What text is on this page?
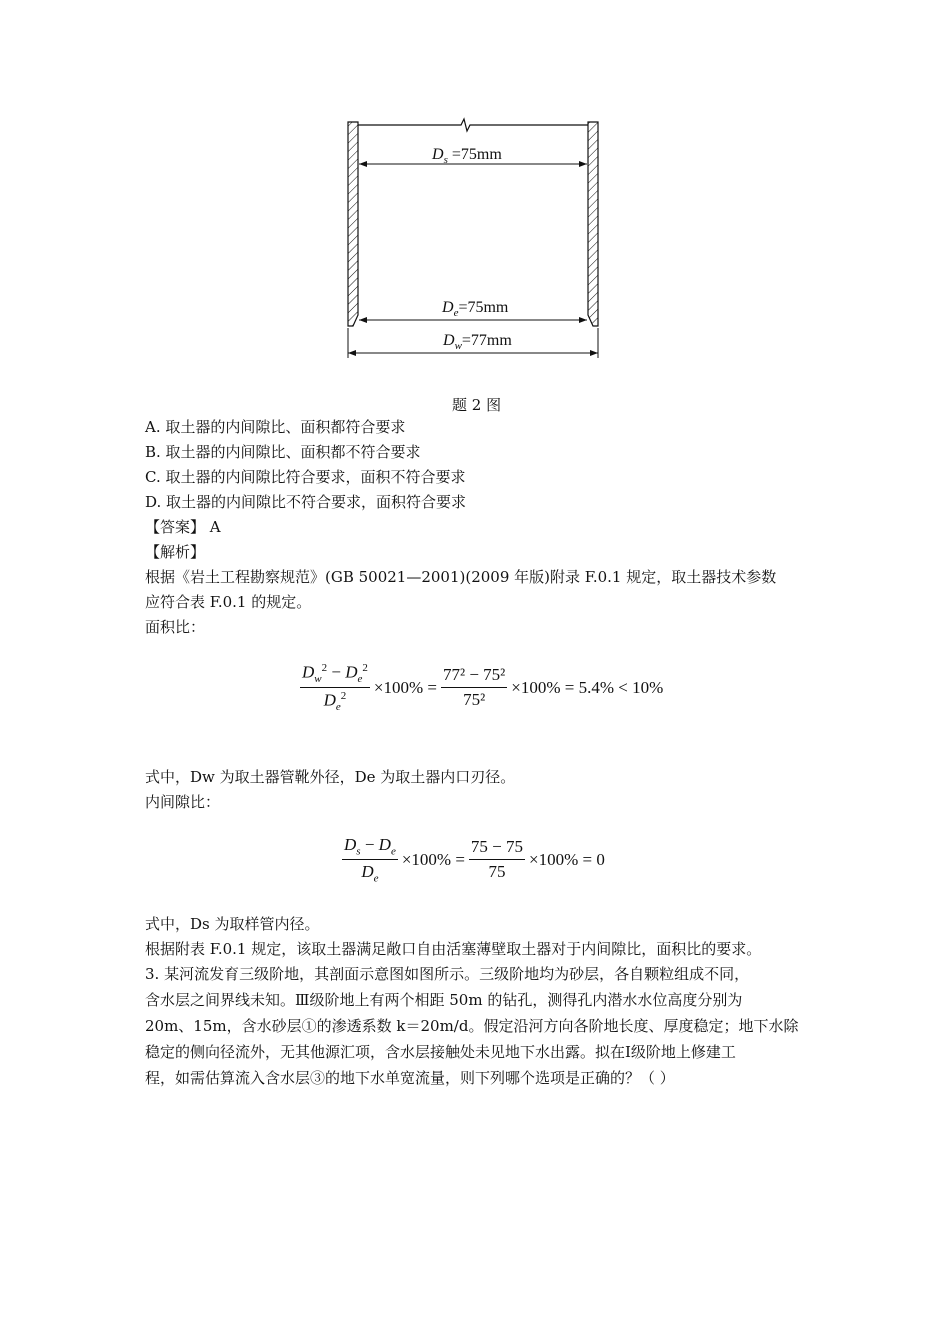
$D_s =75mm$
$D_e=75mm$
$D_w=77mm$
题 2 图
A. 取土器的内间隙比、面积都符合要求
B. 取土器的内间隙比、面积都不符合要求
C. 取土器的内间隙比符合要求，面积不符合要求
D. 取土器的内间隙比不符合要求，面积符合要求
【答案】 A
【解析】
根据《岩土工程勘察规范》(GB 50021—2001)(2009 年版)附录 F.0.1 规定，取土器技术参数
应符合表 F.0.1 的规定。
面积比：
$\frac{D_w^2 - D_e^2}{D_e^2} \times 100\% = \frac{\text{77² − 75²}}{\text{75²}} \times 100\% = 5.4\% < 10\%$
式中，Dw 为取土器管靴外径，De 为取土器内口刃径。
内间隙比：
$\frac{D_s - D_e}{D_e} \times 100\% = \frac{75 - 75}{75} \times 100\% = 0$
式中，Ds 为取样管内径。
根据附表 F.0.1 规定，该取土器满足敞口自由活塞薄壁取土器对于内间隙比，面积比的要求。
3. 某河流发育三级阶地，其剖面示意图如图所示。三级阶地均为砂层，各自颗粒组成不同，
含水层之间界线未知。Ⅲ级阶地上有两个相距 50m 的钻孔，测得孔内潜水水位高度分别为
20m、15m，含水砂层①的渗透系数 k＝20m/d。假定沿河方向各阶地长度、厚度稳定；地下水除
稳定的侧向径流外，无其他源汇项，含水层接触处未见地下水出露。拟在Ⅰ级阶地上修建工
程，如需估算流入含水层③的地下水单宽流量，则下列哪个选项是正确的？（ ）
